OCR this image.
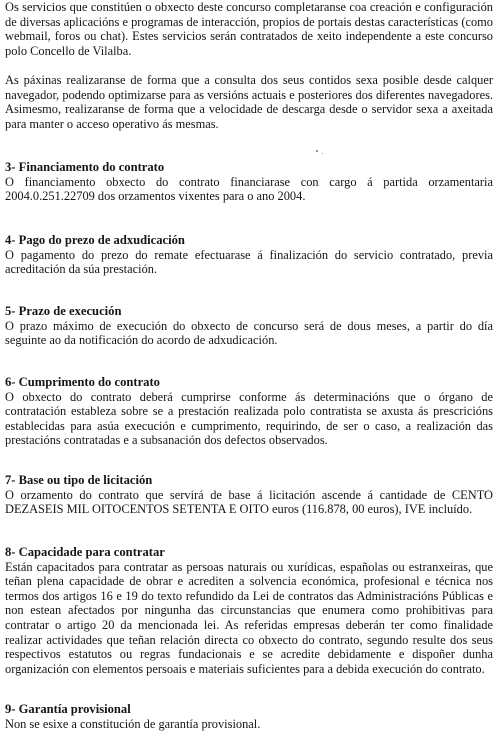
Os servicios que constitúen o obxecto deste concurso completaranse coa creación e configuración de diversas aplicacións e programas de interacción, propios de portais destas características (como webmail, foros ou chat). Estes servicios serán contratados de xeito independente a este concurso polo Concello de Vilalba.

As páxinas realizaranse de forma que a consulta dos seus contidos sexa posible desde calquer navegador, podendo optimizarse para as versións actuais e posteriores dos diferentes navegadores. Asimesmo, realizaranse de forma que a velocidade de descarga desde o servidor sexa a axeitada para manter o acceso operativo ás mesmas.

3- Financiamento do contrato

O financiamento obxecto do contrato financiarase con cargo á partida orzamentaria 2004.0.251.22709 dos orzamentos vixentes para o ano 2004.

4- Pago do prezo de adxudicación

O pagamento do prezo do remate efectuarase á finalización do servicio contratado, previa acreditación da súa prestación.

5- Prazo de execución

O prazo máximo de execución do obxecto de concurso será de dous meses, a partir do día seguinte ao da notificación do acordo de adxudicación.

6- Cumprimento do contrato

O obxecto do contrato deberá cumprirse conforme ás determinacións que o órgano de contratación estableza sobre se a prestación realizada polo contratista se axusta ás prescricións establecidas para asúa execución e cumprimento, requirindo, de ser o caso, a realización das prestacións contratadas e a subsanación dos defectos observados.

7- Base ou tipo de licitación

O orzamento do contrato que servirá de base á licitación ascende á cantidade de CENTO DEZASEIS MIL OITOCENTOS SETENTA E OITO euros (116.878, 00 euros), IVE incluído.

8- Capacidade para contratar

Están capacitados para contratar as persoas naturais ou xurídicas, españolas ou estranxeiras, que teñan plena capacidade de obrar e acrediten a solvencia económica, profesional e técnica nos termos dos artigos 16 e 19 do texto refundido da Lei de contratos das Administracións Públicas e non estean afectados por ningunha das circunstancias que enumera como prohibitivas para contratar o artigo 20 da mencionada lei. As referidas empresas deberán ter como finalidade realizar actividades que teñan relación directa co obxecto do contrato, segundo resulte dos seus respectivos estatutos ou regras fundacionais e se acredite debidamente e dispoñer dunha organización con elementos persoais e materiais suficientes para a debida execución do contrato.

9- Garantía provisional

Non se esixe a constitución de garantía provisional.
